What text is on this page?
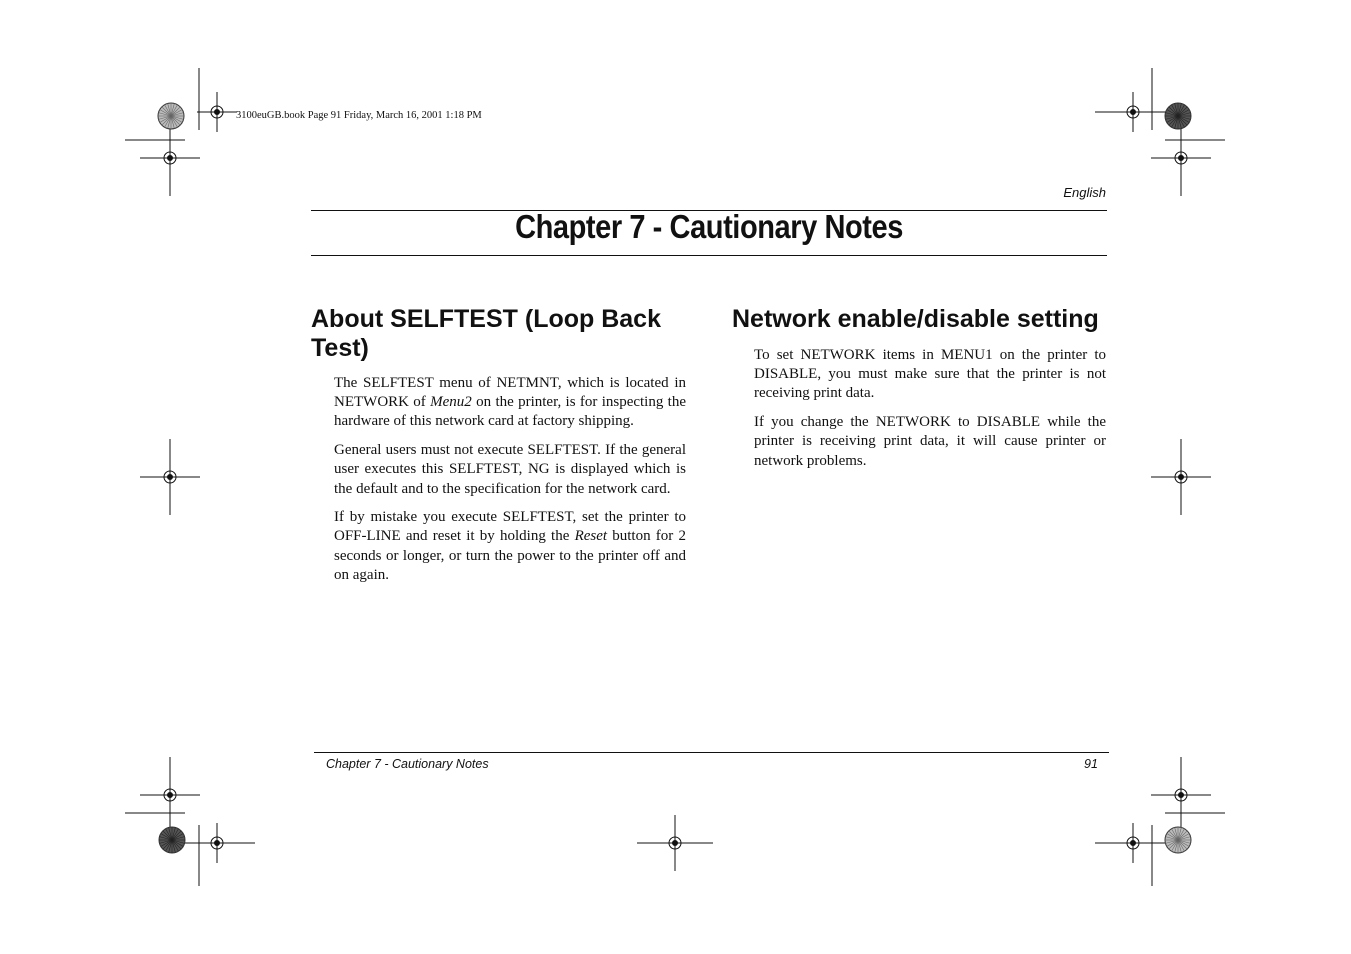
3100euGB.book Page 91 Friday, March 16, 2001 1:18 PM
English
Chapter 7 - Cautionary Notes
About SELFTEST (Loop Back Test)

The SELFTEST menu of NETMNT, which is located in NETWORK of Menu2 on the printer, is for inspecting the hardware of this network card at factory shipping.

General users must not execute SELFTEST. If the general user executes this SELFTEST, NG is displayed which is the default and to the specification for the network card.

If by mistake you execute SELFTEST, set the printer to OFF-LINE and reset it by holding the Reset button for 2 seconds or longer, or turn the power to the printer off and on again.

Network enable/disable setting

To set NETWORK items in MENU1 on the printer to DISABLE, you must make sure that the printer is not receiving print data.

If you change the NETWORK to DISABLE while the printer is receiving print data, it will cause printer or network problems.

Chapter 7 - Cautionary Notes	91
